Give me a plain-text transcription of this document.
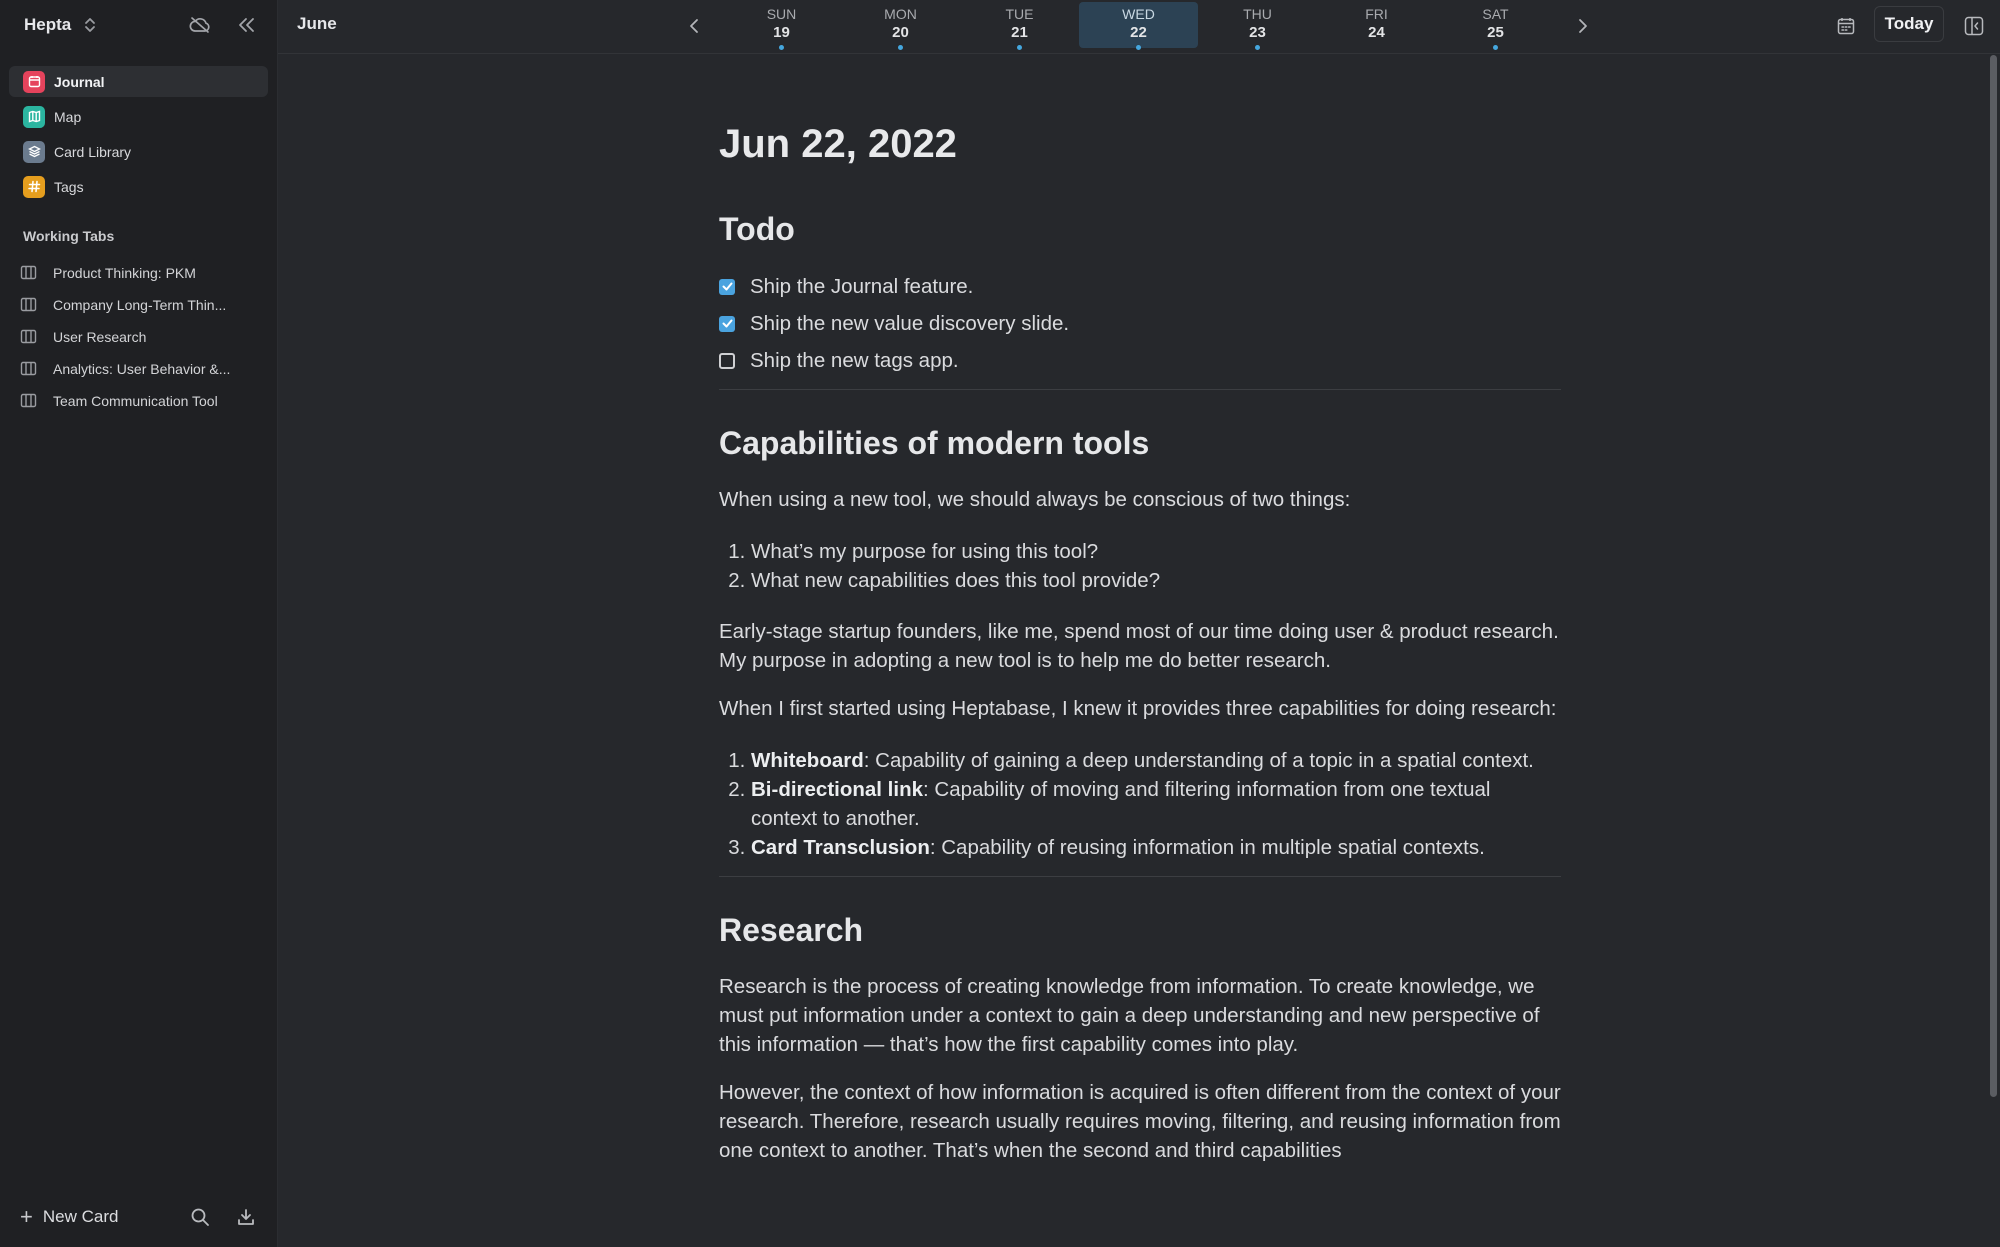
Hepta
Journal
Map
Card Library
Tags
Working Tabs
Product Thinking: PKM
Company Long-Term Thin...
User Research
Analytics: User Behavior &...
Team Communication Tool
+ New Card
June	SUN
19
MON
20
TUE
21
WED
22
THU
23
FRI
24
SAT
25	Today
Jun 22, 2022
Todo
Ship the Journal feature.
Ship the new value discovery slide.
Ship the new tags app.
Capabilities of modern tools

When using a new tool, we should always be conscious of two things:

1. What’s my purpose for using this tool?
2. What new capabilities does this tool provide?

Early-stage startup founders, like me, spend most of our time doing user & product research. My purpose in adopting a new tool is to help me do better research.

When I first started using Heptabase, I knew it provides three capabilities for doing research:

1. Whiteboard: Capability of gaining a deep understanding of a topic in a spatial context.
2. Bi-directional link: Capability of moving and filtering information from one textual context to another.
3. Card Transclusion: Capability of reusing information in multiple spatial contexts.
Research

Research is the process of creating knowledge from information. To create knowledge, we must put information under a context to gain a deep understanding and new perspective of this information — that’s how the first capability comes into play.

However, the context of how information is acquired is often different from the context of your research. Therefore, research usually requires moving, filtering, and reusing information from one context to another. That’s when the second and third capabilities
